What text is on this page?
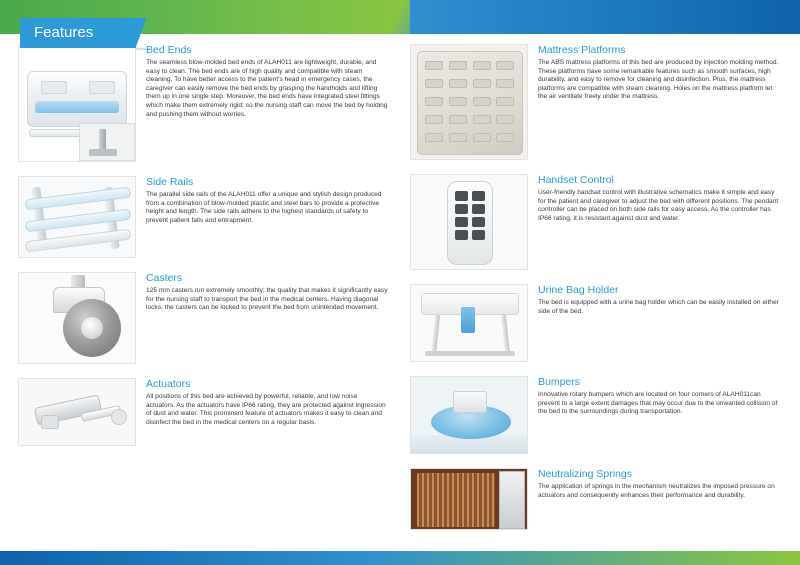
Features
Bed Ends

The seamless blow-molded bed ends of ALAH011 are lightweight, durable, and easy to clean. The bed ends are of high quality and compatible with steam cleaning. To have better access to the patient's head in emergency cases, the caregiver can easily remove the bed ends by grasping the handholds and lifting them up in one single step. Moreover, the bed ends have integrated steel fittings which make them extremely rigid; so the nursing staff can move the bed by holding and pushing them without worries.

Side Rails

The parallel side rails of the ALAH011 offer a unique and stylish design produced from a combination of blow-molded plastic and steel bars to provide a protective height and length. The side rails adhere to the highest standards of safety to prevent patient falls and entrapment.

Casters

125 mm casters run extremely smoothly; the quality that makes it significantly easy for the nursing staff to transport the bed in the medical centers. Having diagonal locks, the casters can be locked to prevent the bed from unintended movement.

Actuators

All positions of this bed are achieved by powerful, reliable, and low noise actuators. As the actuators have IP66 rating, they are protected against ingression of dust and water. This prominent feature of actuators makes it easy to clean and disinfect the bed in the medical centers on a regular basis.

Mattress Platforms

The ABS mattress platforms of this bed are produced by injection molding method. These platforms have some remarkable features such as smooth surfaces, high durability, and easy to remove for cleaning and disinfection. Plus, the mattress platforms are compatible with steam cleaning. Holes on the mattress platform let the air ventilate freely under the mattress.

Handset Control

User-friendly handset control with illustrative schematics make it simple and easy for the patient and caregiver to adjust the bed with different positions. The pendant controller can be placed on both side rails for easy access. As the controller has IP66 rating, it is resistant against dust and water.

Urine Bag Holder

The bed is equipped with a urine bag holder which can be easily installed on either side of the bed.

Bumpers

Innovative rotary bumpers which are located on four corners of ALAH011can prevent to a large extent damages that may occur due to the unwanted collision of the bed to the surroundings during transportation.

Neutralizing Springs

The application of springs in the mechanism neutralizes the imposed pressure on actuators and consequently enhances their performance and durability.
